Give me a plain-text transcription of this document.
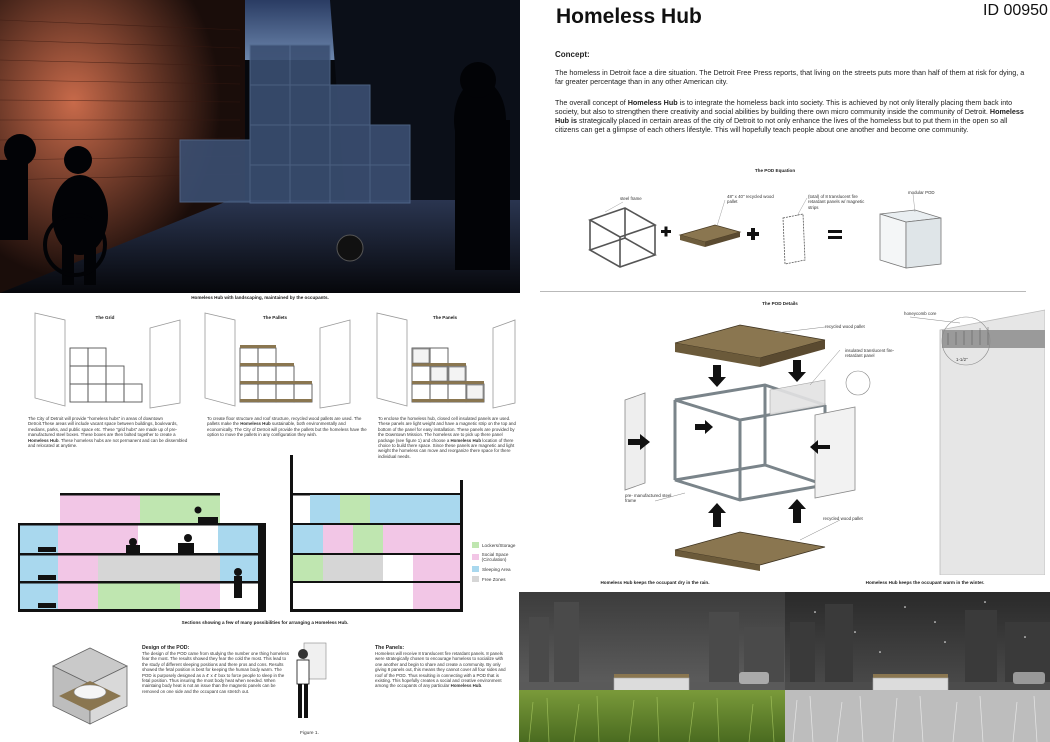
Homeless Hub with landscaping, maintained by the occupants.
Homeless Hub	ID 00950
Concept:
The homeless in Detroit face a dire situation. The Detroit Free Press reports, that living on the streets puts more than half of them at risk for dying, a far greater percentage than in any other American city.
The overall concept of Homeless Hub is to integrate the homeless back into society. This is achieved by not only literally placing them back into society, but also to strengthen there creativity and social abilities by building there own micro community inside the community of Detroit. Homeless Hub is strategically placed in certain areas of the city of Detroit to not only enhance the lives of the homeless but to put them in the open so all citizens can get a glimpse of each others lifestyle. This will hopefully teach people about one another and become one community.
The POD Equation
steel frame	48" x 40" recycled wood pallet
(total) of 8 translucent fire retardant panels w/ magnetic strips
modular POD
The Grid	The Pallets	The Panels
The City of Detroit will provide "homeless hubs" in areas of downtown Detroit.These areas will include vacant space between buildings, boulevards, medians, parks, and public space etc. These "grid hubs" are made up of pre-manufactured steel boxes. These boxes are then bolted together to create a Homeless Hub. These homeless hubs are not permanent and can be dissembled and relocated at anytime.
To create floor structure and roof structure, recycled wood pallets are used. The pallets make the Homeless Hub sustainable, both environmentally and economically. The City of Detroit will provide the pallets but the homeless have the option to move the pallets in any configuration they wish.
To enclose the homeless hub, closed cell insulated panels are used. These panels are light weight and have a magnetic strip on the top and bottom of the panel for easy installation. These panels are provided by the Downtown Mission. The homeless are to pick up there panel package (see figure 1) and choose a Homeless Hub location of there choice to build there space. Since these panels are magnetic and light weight the homeless can move and reorganize there space for there individual needs.
The POD Details
recycled wood pallet
insulated translucent fire-retardant panel
pre- manufactured steel frame
recycled wood pallet
honeycomb core
1-1/2"
Lockers/Storage
Social Space (Circulation)
Sleeping Area
Free Zones
Sections showing a few of many possibilities for arranging a Homeless Hub.
Design of the POD:
The design of the POD came from studying the number one thing homeless fear the most. The results showed they fear the cold the most. This lead to the study of different sleeping positions and there pros and cons. Results showed the fetal position is best for keeping the human body warm. The POD is purposely designed as a 4' x 4' box to force people to sleep in the fetal position. Thus insuring the most body heat when needed. When maintaing body heat is not an issue than the magnetic panels can be removed on one side and the occupant can stretch out.
Figure 1.
The Panels:
Homeless will receive 8 translucent fire retardant panels. 8 panels were strategically chosen to encourage homeless to socialize with one another and begin to share and create a community. By only giving 8 panels out, this means they cannot cover all four sides and roof of the POD. Thus resulting in connecting with a POD that is existing. This hopefully creates a social and creative environment among the occupants of any particular Homeless Hub.
Homeless Hub keeps the occupant dry in the rain.	Homeless Hub keeps the occupant warm in the winter.
